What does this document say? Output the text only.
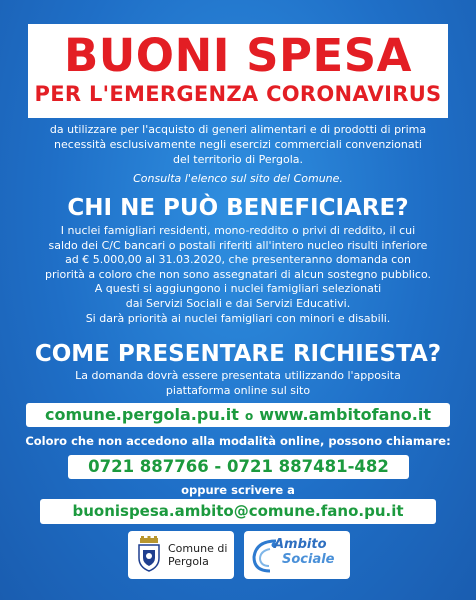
BUONI SPESA
PER L'EMERGENZA CORONAVIRUS
da utilizzare per l'acquisto di generi alimentari e di prodotti di prima
necessità esclusivamente negli esercizi commerciali convenzionati
del territorio di Pergola.
Consulta l'elenco sul sito del Comune.
CHI NE PUÒ BENEFICIARE?
I nuclei famigliari residenti, mono-reddito o privi di reddito, il cui
saldo dei C/C bancari o postali riferiti all'intero nucleo risulti inferiore
ad € 5.000,00 al 31.03.2020, che presenteranno domanda con
priorità a coloro che non sono assegnatari di alcun sostegno pubblico.
A questi si aggiungono i nuclei famigliari selezionati
dai Servizi Sociali e dai Servizi Educativi.
Si darà priorità ai nuclei famigliari con minori e disabili.
COME PRESENTARE RICHIESTA?
La domanda dovrà essere presentata utilizzando l'apposita
piattaforma online sul sito
comune.pergola.pu.it o www.ambitofano.it
Coloro che non accedono alla modalità online, possono chiamare:
0721 887766 - 0721 887481-482
oppure scrivere a
buonispesa.ambito@comune.fano.pu.it
Comune di
Pergola
Ambito
Sociale
